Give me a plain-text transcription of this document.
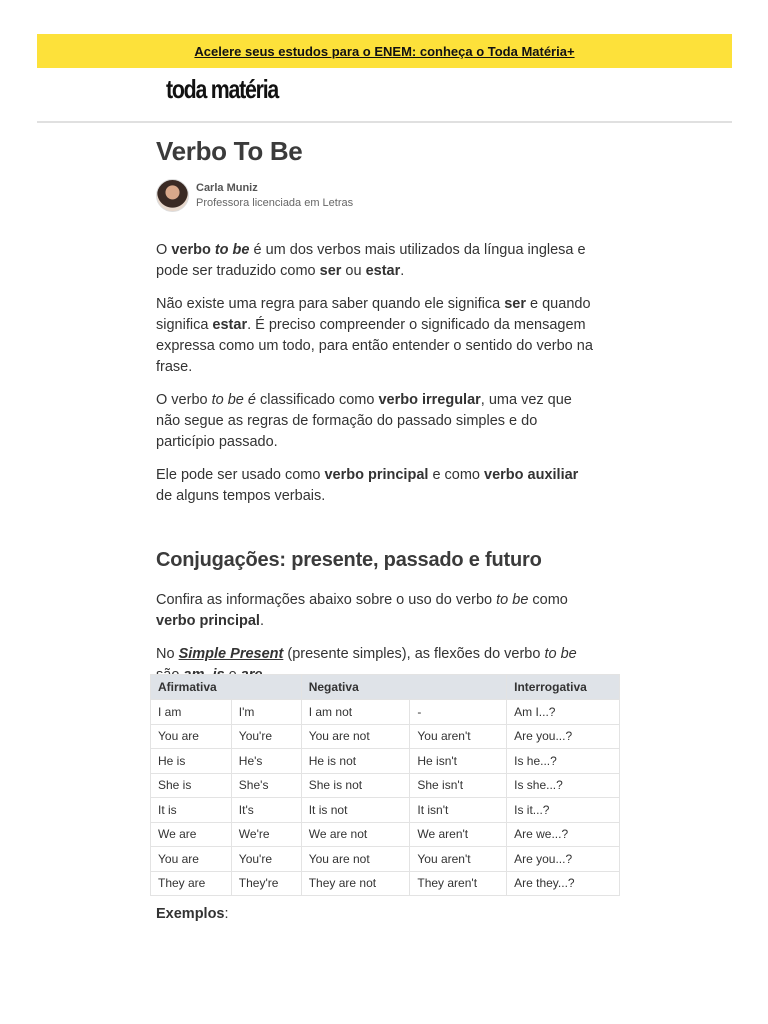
Acelere seus estudos para o ENEM: conheça o Toda Matéria+
toda matéria
Verbo To Be
Carla Muniz
Professora licenciada em Letras

O verbo to be é um dos verbos mais utilizados da língua inglesa e pode ser traduzido como ser ou estar.

Não existe uma regra para saber quando ele significa ser e quando significa estar. É preciso compreender o significado da mensagem expressa como um todo, para então entender o sentido do verbo na frase.

O verbo to be é classificado como verbo irregular, uma vez que não segue as regras de formação do passado simples e do particípio passado.

Ele pode ser usado como verbo principal e como verbo auxiliar de alguns tempos verbais.

Conjugações: presente, passado e futuro

Confira as informações abaixo sobre o uso do verbo to be como verbo principal.

No Simple Present (presente simples), as flexões do verbo to be

Afirmativa		Negativa		Interrogativa
I am	I'm	I am not	-	Am I...?
You are	You're	You are not	You aren't	Are you...?
He is	He's	He is not	He isn't	Is he...?
She is	She's	She is not	She isn't	Is she...?
It is	It's	It is not	It isn't	Is it...?
We are	We're	We are not	We aren't	Are we...?
You are	You're	You are not	You aren't	Are you...?
They are	They're	They are not	They aren't	Are they...?
Exemplos:
